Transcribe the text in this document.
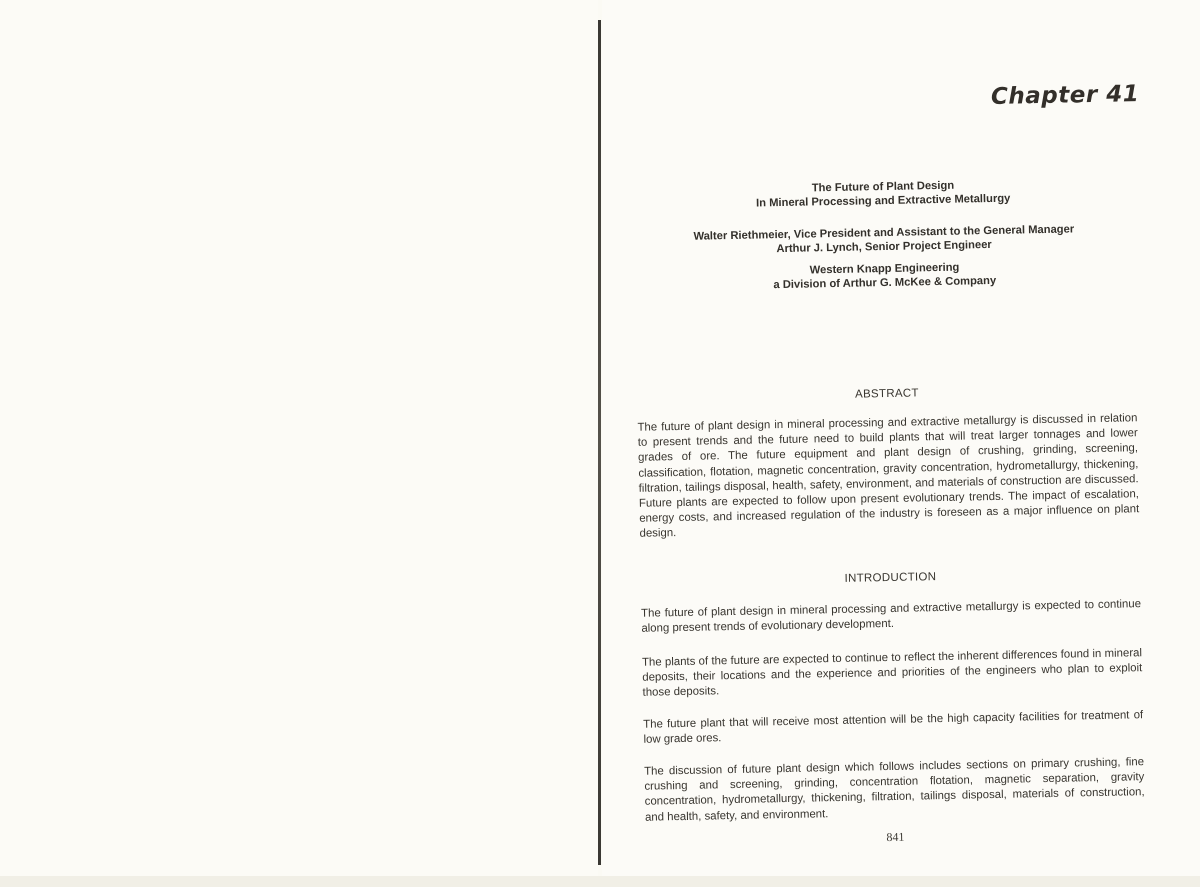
Chapter 41
The Future of Plant Design
In Mineral Processing and Extractive Metallurgy
Walter Riethmeier, Vice President and Assistant to the General Manager
Arthur J. Lynch, Senior Project Engineer
Western Knapp Engineering
a Division of Arthur G. McKee & Company
ABSTRACT
The future of plant design in mineral processing and extractive metallurgy is discussed in relation to present trends and the future need to build plants that will treat larger tonnages and lower grades of ore. The future equipment and plant design of crushing, grinding, screening, classification, flotation, magnetic concentration, gravity concentration, hydrometallurgy, thickening, filtration, tailings disposal, health, safety, environment, and materials of construction are discussed. Future plants are expected to follow upon present evolutionary trends. The impact of escalation, energy costs, and increased regulation of the industry is foreseen as a major influence on plant design.
INTRODUCTION
The future of plant design in mineral processing and extractive metallurgy is expected to continue along present trends of evolutionary development.
The plants of the future are expected to continue to reflect the inherent differences found in mineral deposits, their locations and the experience and priorities of the engineers who plan to exploit those deposits.
The future plant that will receive most attention will be the high capacity facilities for treatment of low grade ores.
The discussion of future plant design which follows includes sections on primary crushing, fine crushing and screening, grinding, concentration flotation, magnetic separation, gravity concentration, hydrometallurgy, thickening, filtration, tailings disposal, materials of construction, and health, safety, and environment.
841
